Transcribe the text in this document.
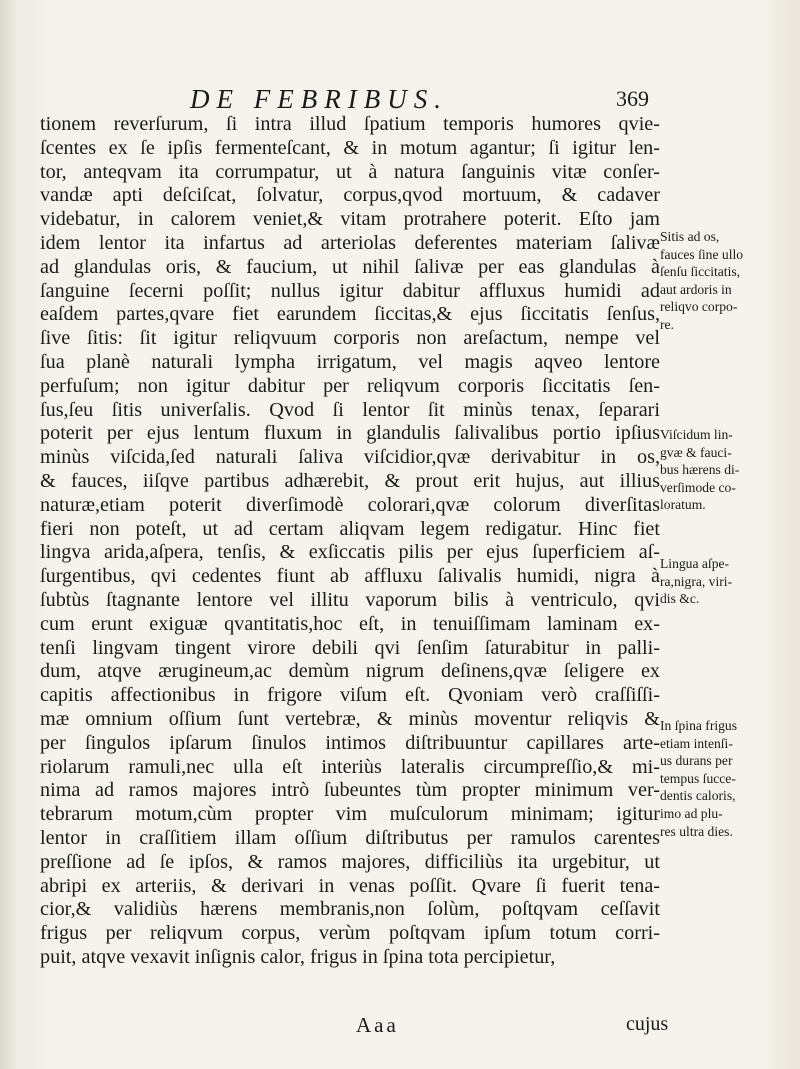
DE FEBRIBUS.	369
tionem reverſurum, ſi intra illud ſpatium temporis humores qvie-
ſcentes ex ſe ipſis fermenteſcant, & in motum agantur; ſi igitur len-
tor, anteqvam ita corrumpatur, ut à natura ſanguinis vitæ conſer-
vandæ apti deſciſcat, ſolvatur, corpus,qvod mortuum, & cadaver
videbatur, in calorem veniet,& vitam protrahere poterit. Eſto jam
idem lentor ita infartus ad arteriolas deferentes materiam ſalivæ
ad glandulas oris, & faucium, ut nihil ſalivæ per eas glandulas à
ſanguine ſecerni poſſit; nullus igitur dabitur affluxus humidi ad
eaſdem partes,qvare fiet earundem ſiccitas,& ejus ſiccitatis ſenſus,
ſive ſitis: ſit igitur reliqvuum corporis non areſactum, nempe vel
ſua planè naturali lympha irrigatum, vel magis aqveo lentore
perfuſum; non igitur dabitur per reliqvum corporis ſiccitatis ſen-
ſus,ſeu ſitis univerſalis. Qvod ſi lentor ſit minùs tenax, ſeparari
poterit per ejus lentum fluxum in glandulis ſalivalibus portio ipſius
minùs viſcida,ſed naturali ſaliva viſcidior,qvæ derivabitur in os,
& fauces, iiſqve partibus adhærebit, & prout erit hujus, aut illius
naturæ,etiam poterit diverſimodè colorari,qvæ colorum diverſitas
fieri non poteſt, ut ad certam aliqvam legem redigatur. Hinc fiet
lingva arida,aſpera, tenſis, & exſiccatis pilis per ejus ſuperficiem aſ-
ſurgentibus, qvi cedentes fiunt ab affluxu ſalivalis humidi, nigra à
ſubtùs ſtagnante lentore vel illitu vaporum bilis à ventriculo, qvi
cum erunt exiguæ qvantitatis,hoc eſt, in tenuiſſimam laminam ex-
tenſi lingvam tingent virore debili qvi ſenſim ſaturabitur in palli-
dum, atqve ærugineum,ac demùm nigrum deſinens,qvæ ſeligere ex
capitis affectionibus in frigore viſum eſt. Qvoniam verò craſſiſſi-
mæ omnium oſſium ſunt vertebræ, & minùs moventur reliqvis &
per ſingulos ipſarum ſinulos intimos diſtribuuntur capillares arte-
riolarum ramuli,nec ulla eſt interiùs lateralis circumpreſſio,& mi-
nima ad ramos majores intrò ſubeuntes tùm propter minimum ver-
tebrarum motum,cùm propter vim muſculorum minimam; igitur
lentor in craſſitiem illam oſſium diſtributus per ramulos carentes
preſſione ad ſe ipſos, & ramos majores, difficiliùs ita urgebitur, ut
abripi ex arteriis, & derivari in venas poſſit. Qvare ſi fuerit tena-
cior,& validiùs hærens membranis,non ſolùm, poſtqvam ceſſavit
frigus per reliqvum corpus, verùm poſtqvam ipſum totum corri-
puit, atqve vexavit inſignis calor, frigus in ſpina tota percipietur,
Sitis ad os,
fauces ſine ullo
ſenſu ſiccitatis,
aut ardoris in
reliqvo corpo-
re.
Viſcidum lin-
gvæ & fauci-
bus hærens di-
verſimode co-
loratum.
Lingua aſpe-
ra,nigra, viri-
dis &c.
In ſpina frigus
etiam intenſi-
us durans per
tempus ſucce-
dentis caloris,
imo ad plu-
res ultra dies.
Aaa	cujus
